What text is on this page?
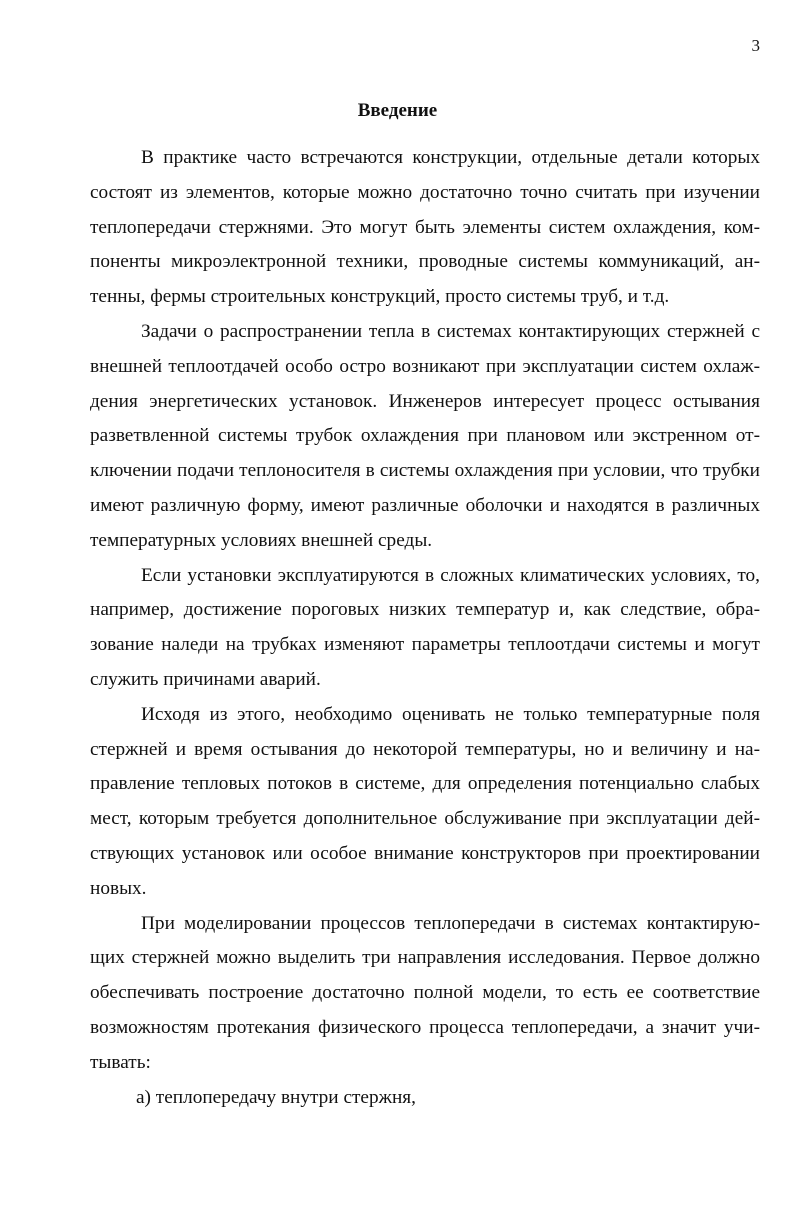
3
Введение

В практике часто встречаются конструкции, отдельные детали которых состоят из элементов, которые можно достаточно точно считать при изучении теплопередачи стержнями. Это могут быть элементы систем охлаждения, компоненты микроэлектронной техники, проводные системы коммуникаций, антенны, фермы строительных конструкций, просто системы труб, и т.д.

Задачи о распространении тепла в системах контактирующих стержней с внешней теплоотдачей особо остро возникают при эксплуатации систем охлаждения энергетических установок. Инженеров интересует процесс остывания разветвленной системы трубок охлаждения при плановом или экстренном отключении подачи теплоносителя в системы охлаждения при условии, что трубки имеют различную форму, имеют различные оболочки и находятся в различных температурных условиях внешней среды.

Если установки эксплуатируются в сложных климатических условиях, то, например, достижение пороговых низких температур и, как следствие, образование наледи на трубках изменяют параметры теплоотдачи системы и могут служить причинами аварий.

Исходя из этого, необходимо оценивать не только температурные поля стержней и время остывания до некоторой температуры, но и величину и направление тепловых потоков в системе, для определения потенциально слабых мест, которым требуется дополнительное обслуживание при эксплуатации действующих установок или особое внимание конструкторов при проектировании новых.

При моделировании процессов теплопередачи в системах контактирующих стержней можно выделить три направления исследования. Первое должно обеспечивать построение достаточно полной модели, то есть ее соответствие возможностям протекания физического процесса теплопередачи, а значит учитывать:

а) теплопередачу внутри стержня,
